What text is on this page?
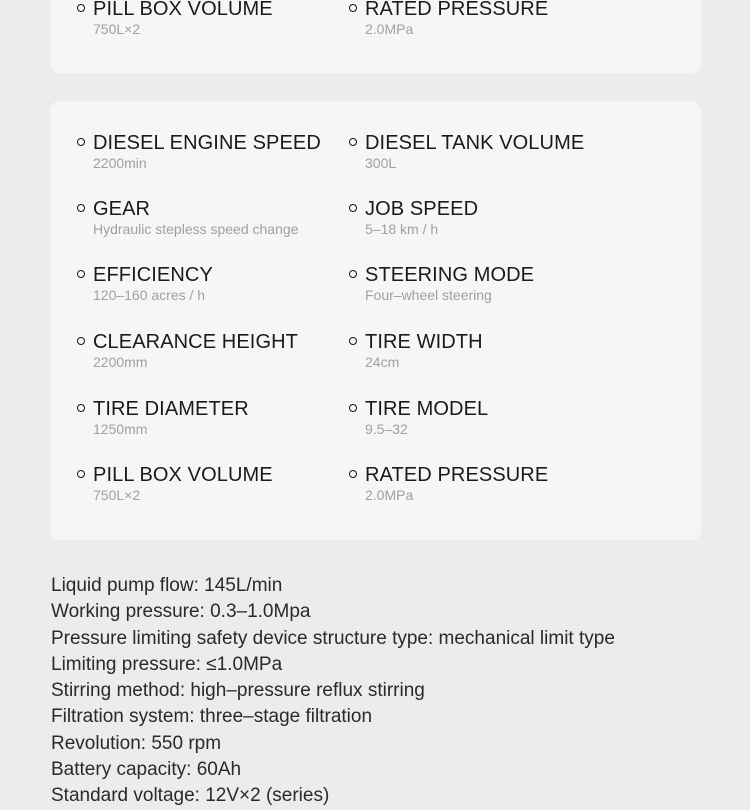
PILL BOX VOLUME
750L×2
RATED PRESSURE
2.0MPa
DIESEL ENGINE SPEED
2200min
DIESEL TANK VOLUME
300L
GEAR
Hydraulic stepless speed change
JOB SPEED
5–18 km / h
EFFICIENCY
120–160 acres / h
STEERING MODE
Four–wheel steering
CLEARANCE HEIGHT
2200mm
TIRE WIDTH
24cm
TIRE DIAMETER
1250mm
TIRE MODEL
9.5–32
PILL BOX VOLUME
750L×2
RATED PRESSURE
2.0MPa
Liquid pump flow: 145L/min
Working pressure: 0.3–1.0Mpa
Pressure limiting safety device structure type: mechanical limit type
Limiting pressure: ≤1.0MPa
Stirring method: high–pressure reflux stirring
Filtration system: three–stage filtration
Revolution: 550 rpm
Battery capacity: 60Ah
Standard voltage: 12V×2 (series)
